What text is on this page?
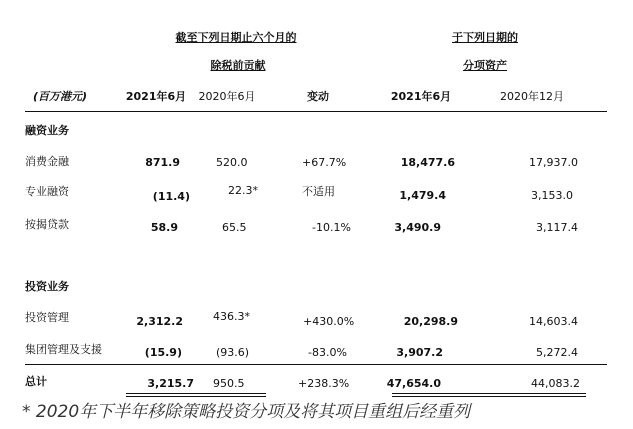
截至下列日期止六个月的
除税前贡献
于下列日期的
分项资产
(百万港元)	2021年6月 2020年6月	变动	2021年6月	2020年12月
融资业务
消费金融	871.9	520.0	+67.7%	18,477.6	17,937.0
专业融资	(11.4)	22.3*	不适用	1,479.4	3,153.0
按揭贷款	58.9	65.5	-10.1%	3,490.9	3,117.4
投资业务
投资管理	2,312.2	436.3*	+430.0%	20,298.9	14,603.4
集团管理及支援	(15.9)	(93.6)	-83.0%	3,907.2	5,272.4
总计	3,215.7 950.5	+238.3%	47,654.0	44,083.2
* 2020年下半年移除策略投资分项及将其项目重组后经重列
